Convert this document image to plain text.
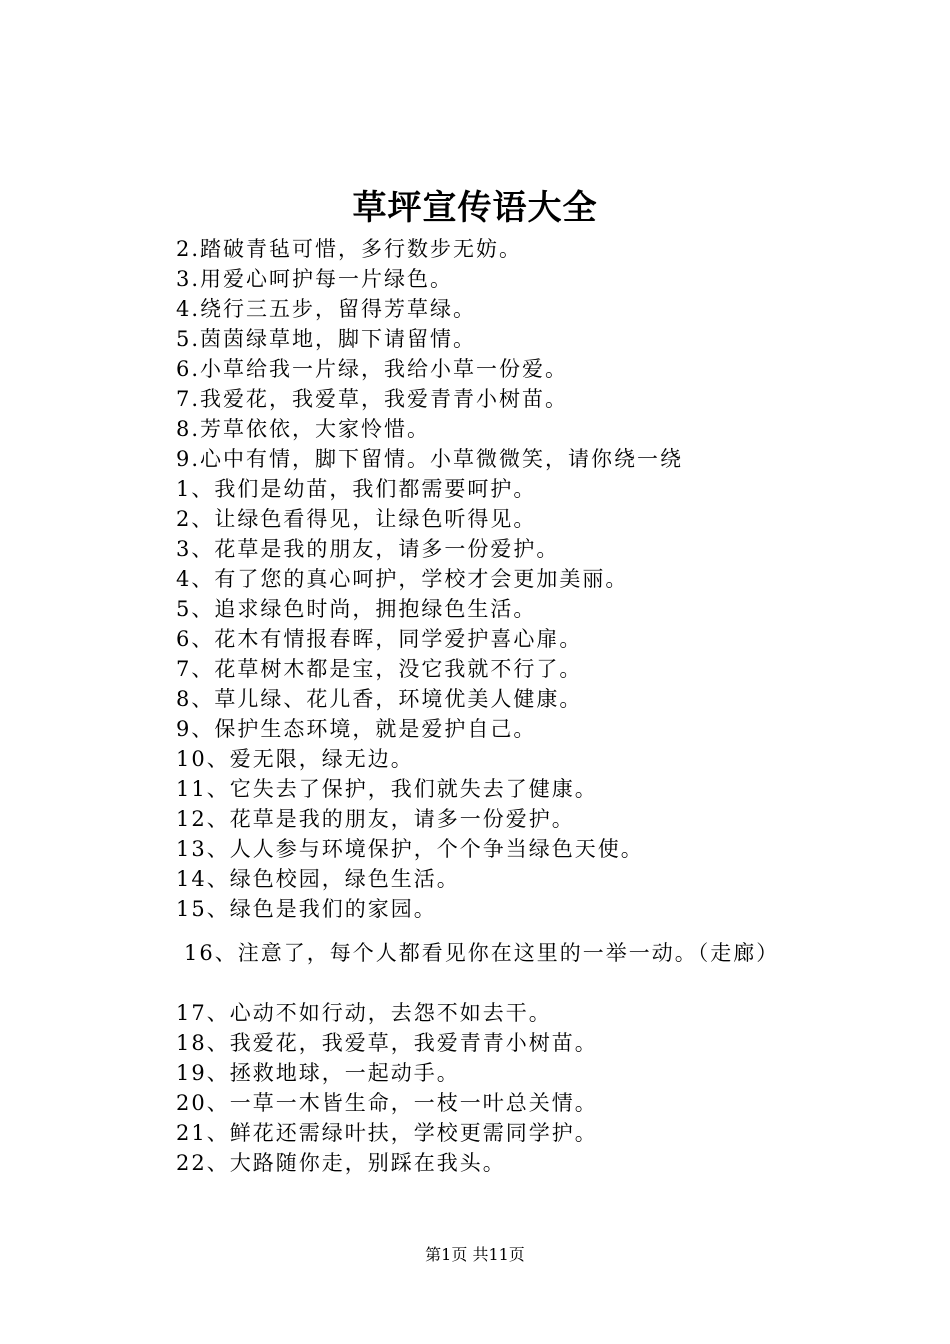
草坪宣传语大全
2.踏破青毡可惜，多行数步无妨。
3.用爱心呵护每一片绿色。
4.绕行三五步，留得芳草绿。
5.茵茵绿草地，脚下请留情。
6.小草给我一片绿，我给小草一份爱。
7.我爱花，我爱草，我爱青青小树苗。
8.芳草依依，大家怜惜。
9.心中有情，脚下留情。小草微微笑，请你绕一绕
1、我们是幼苗，我们都需要呵护。
2、让绿色看得见，让绿色听得见。
3、花草是我的朋友，请多一份爱护。
4、有了您的真心呵护，学校才会更加美丽。
5、追求绿色时尚，拥抱绿色生活。
6、花木有情报春晖，同学爱护喜心扉。
7、花草树木都是宝，没它我就不行了。
8、草儿绿、花儿香，环境优美人健康。
9、保护生态环境，就是爱护自己。
10、爱无限，绿无边。
11、它失去了保护，我们就失去了健康。
12、花草是我的朋友，请多一份爱护。
13、人人参与环境保护，个个争当绿色天使。
14、绿色校园，绿色生活。
15、绿色是我们的家园。
16、注意了，每个人都看见你在这里的一举一动。（走廊）
17、心动不如行动，去怨不如去干。
18、我爱花，我爱草，我爱青青小树苗。
19、拯救地球，一起动手。
20、一草一木皆生命，一枝一叶总关情。
21、鲜花还需绿叶扶，学校更需同学护。
22、大路随你走，别踩在我头。
第1页 共11页
